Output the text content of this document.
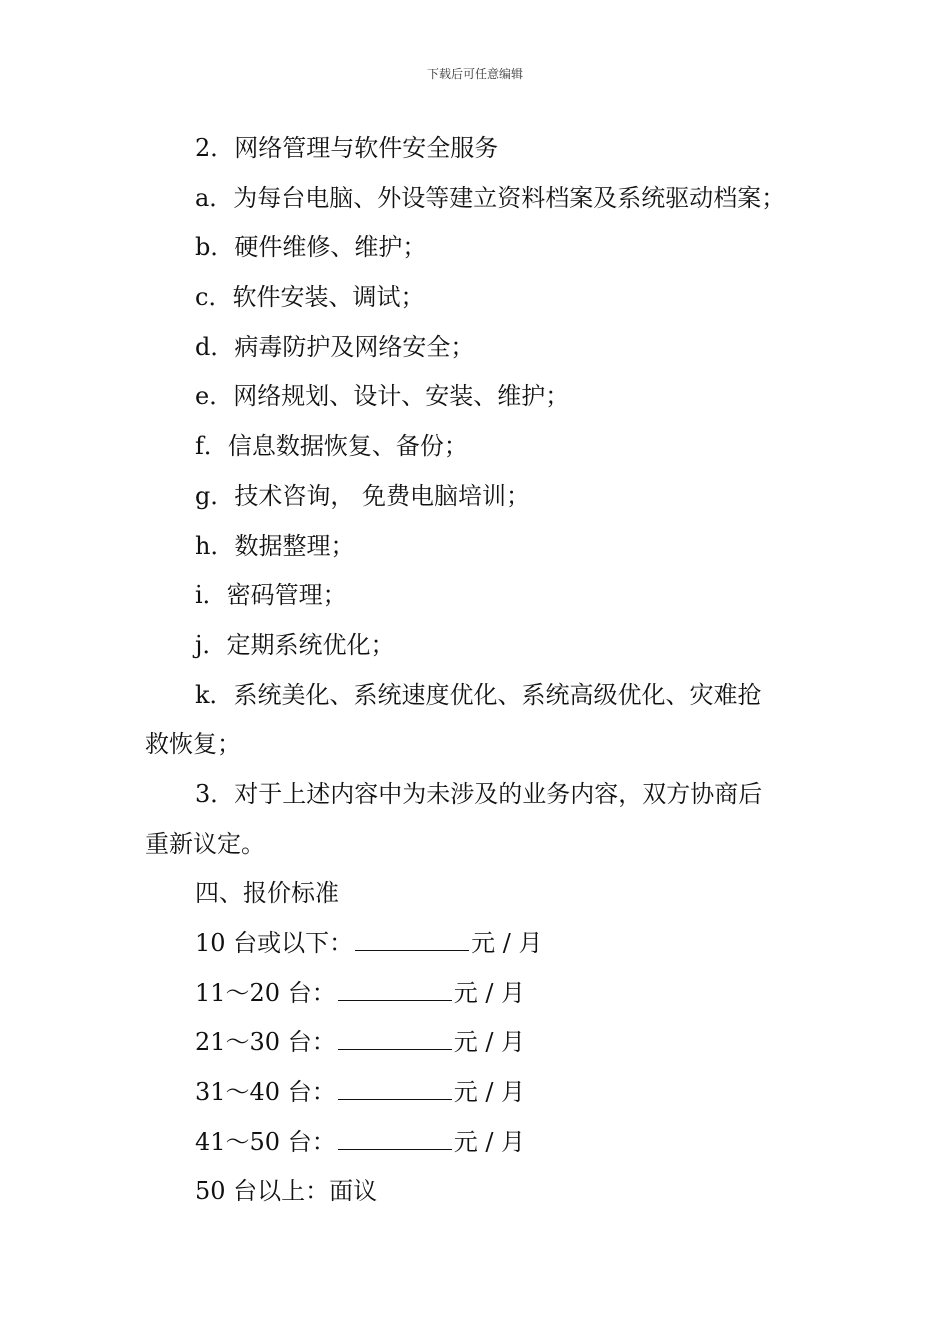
下载后可任意编辑
2．网络管理与软件安全服务
a．为每台电脑、外设等建立资料档案及系统驱动档案；
b．硬件维修、维护；
c．软件安装、调试；
d．病毒防护及网络安全；
e．网络规划、设计、安装、维护；
f．信息数据恢复、备份；
g．技术咨询， 免费电脑培训；
h．数据整理；
i．密码管理；
j．定期系统优化；
k．系统美化、系统速度优化、系统高级优化、灾难抢
救恢复；
3．对于上述内容中为未涉及的业务内容，双方协商后
重新议定。
四、报价标准
10 台或以下：	元 / 月
11～20 台：	元 / 月
21～30 台：	元 / 月
31～40 台：	元 / 月
41～50 台：	元 / 月
50 台以上：面议
